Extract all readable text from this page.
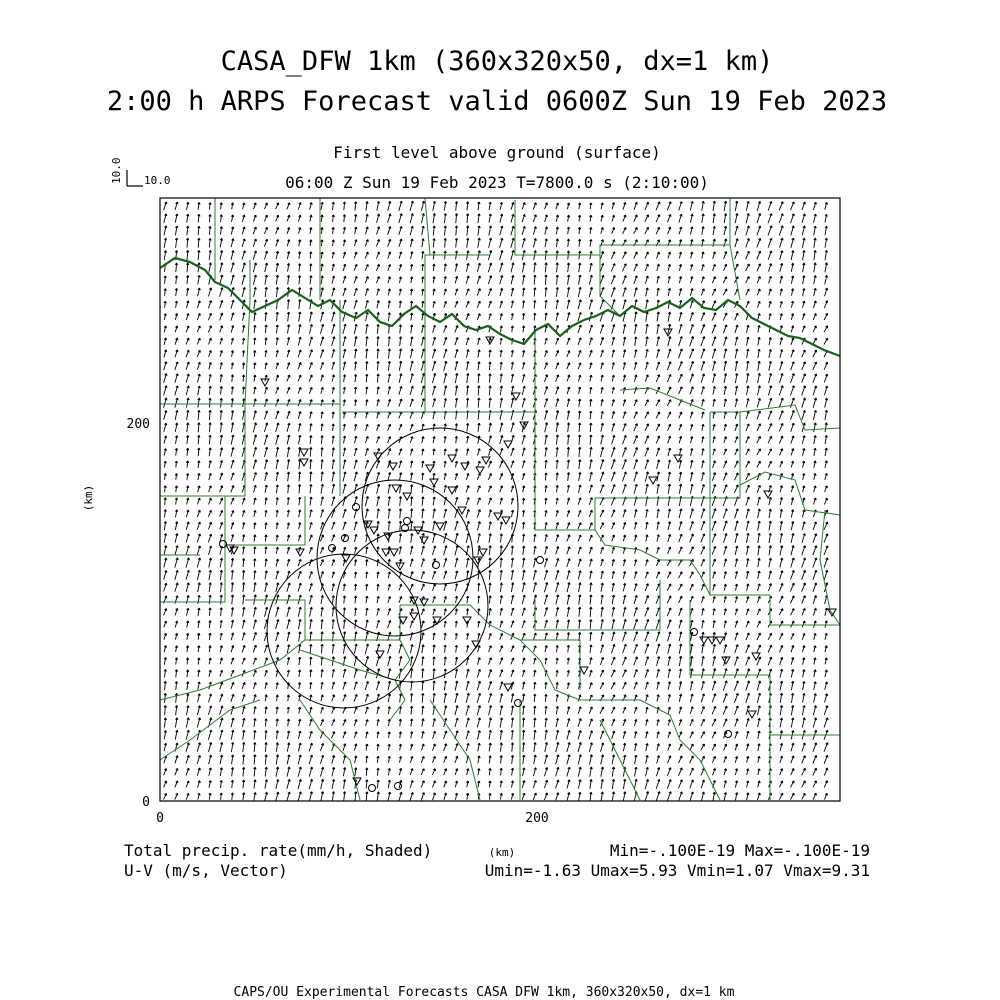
CASA_DFW 1km (360x320x50, dx=1 km)
2:00 h ARPS Forecast valid 0600Z Sun 19 Feb 2023
First level above ground (surface)
06:00 Z Sun 19 Feb 2023 T=7800.0 s (2:10:00)
10.0 10.0
0
200
0	200
(km)
Total precip. rate(mm/h, Shaded)
U-V (m/s, Vector)
(km)	Min=-.100E-19 Max=-.100E-19
Umin=-1.63 Umax=5.93 Vmin=1.07 Vmax=9.31
CAPS/OU Experimental Forecasts CASA DFW 1km, 360x320x50, dx=1 km
